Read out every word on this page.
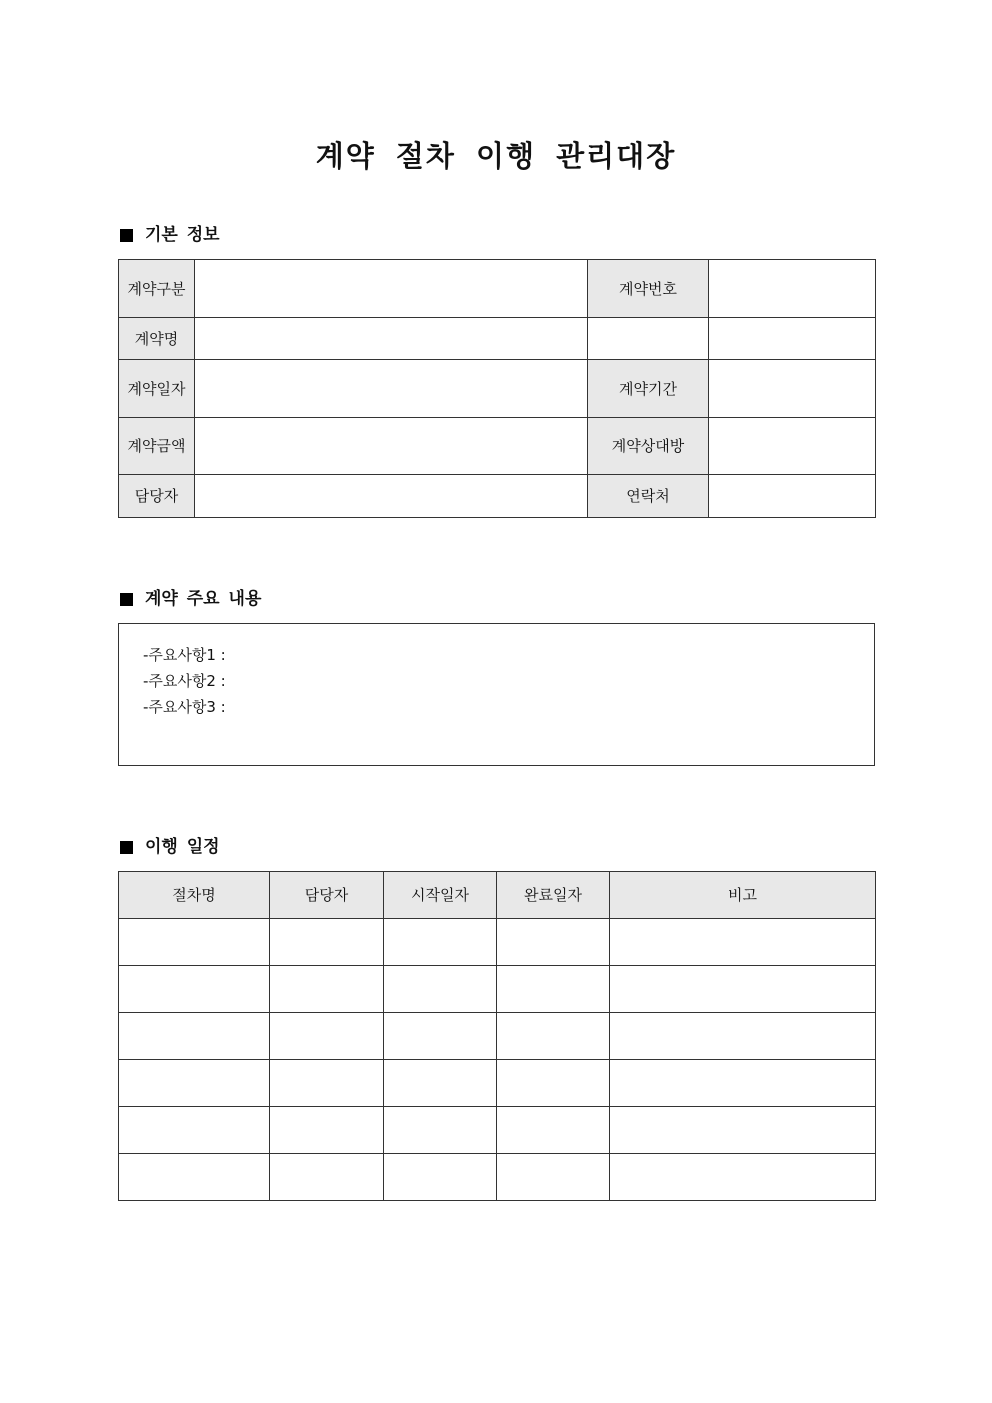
계약 절차 이행 관리대장
기본 정보
계약구분		계약번호	
계약명			
계약일자		계약기간	
계약금액		계약상대방	
담당자		연락처	
계약 주요 내용
-주요사항1 :
-주요사항2 :
-주요사항3 :
이행 일정
절차명	담당자	시작일자	완료일자	비고
